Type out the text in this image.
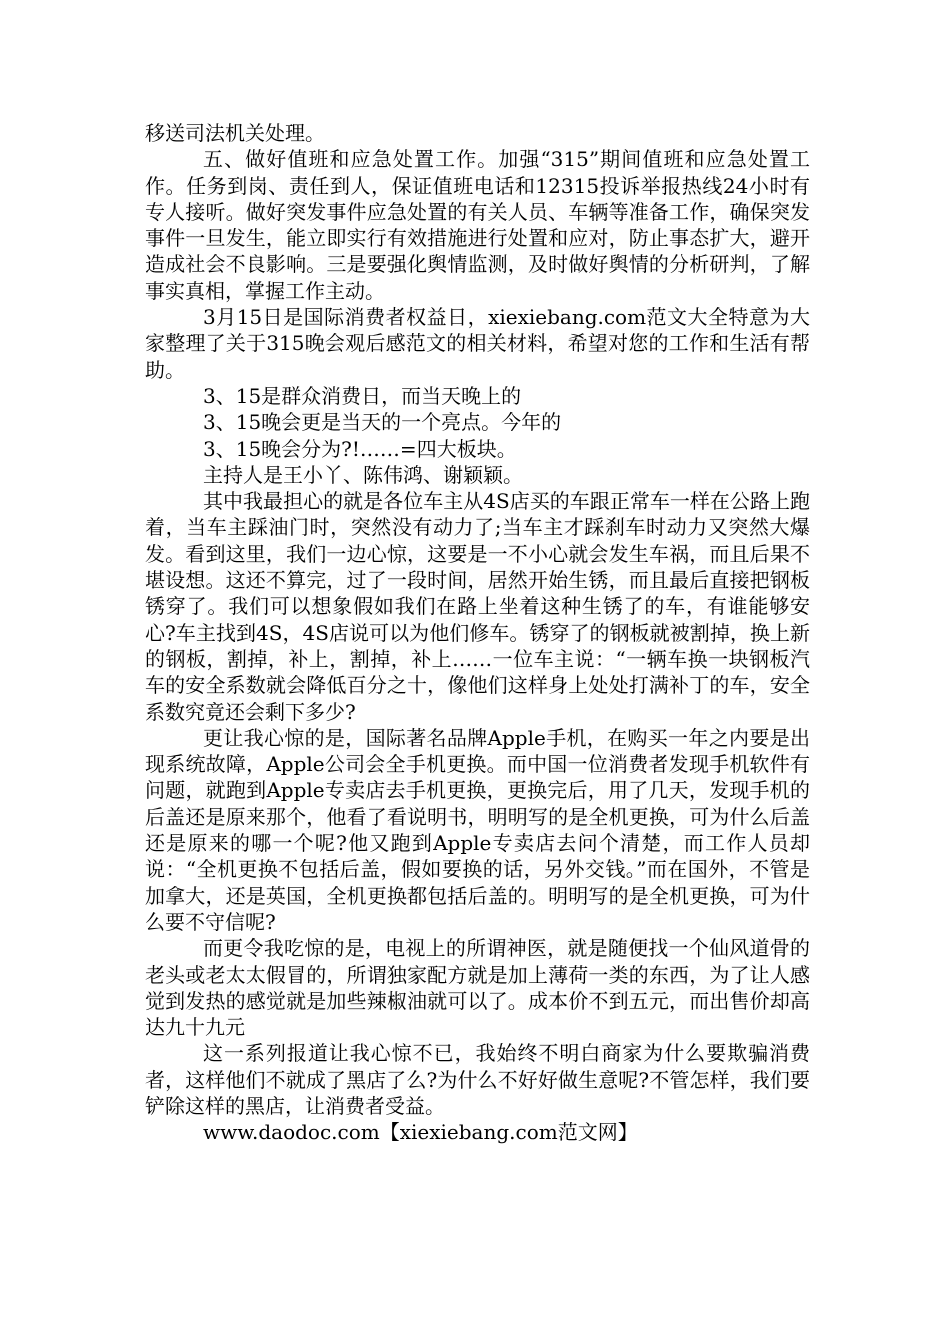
移送司法机关处理。

五、做好值班和应急处置工作。加强“315”期间值班和应急处置工作。任务到岗、责任到人，保证值班电话和12315投诉举报热线24小时有专人接听。做好突发事件应急处置的有关人员、车辆等准备工作，确保突发事件一旦发生，能立即实行有效措施进行处置和应对，防止事态扩大，避开造成社会不良影响。三是要强化舆情监测，及时做好舆情的分析研判，了解事实真相，掌握工作主动。

3月15日是国际消费者权益日，xiexiebang.com范文大全特意为大家整理了关于315晚会观后感范文的相关材料，希望对您的工作和生活有帮助。

3、15是群众消费日，而当天晚上的

3、15晚会更是当天的一个亮点。今年的

3、15晚会分为?!……=四大板块。

主持人是王小丫、陈伟鸿、谢颖颖。

其中我最担心的就是各位车主从4S店买的车跟正常车一样在公路上跑着，当车主踩油门时，突然没有动力了;当车主才踩刹车时动力又突然大爆发。看到这里，我们一边心惊，这要是一不小心就会发生车祸，而且后果不堪设想。这还不算完，过了一段时间，居然开始生锈，而且最后直接把钢板锈穿了。我们可以想象假如我们在路上坐着这种生锈了的车，有谁能够安心?车主找到4S，4S店说可以为他们修车。锈穿了的钢板就被割掉，换上新的钢板，割掉，补上，割掉，补上……一位车主说：“一辆车换一块钢板汽车的安全系数就会降低百分之十，像他们这样身上处处打满补丁的车，安全系数究竟还会剩下多少?

更让我心惊的是，国际著名品牌Apple手机，在购买一年之内要是出现系统故障，Apple公司会全手机更换。而中国一位消费者发现手机软件有问题，就跑到Apple专卖店去手机更换，更换完后，用了几天，发现手机的后盖还是原来那个，他看了看说明书，明明写的是全机更换，可为什么后盖还是原来的哪一个呢?他又跑到Apple专卖店去问个清楚，而工作人员却说：“全机更换不包括后盖，假如要换的话，另外交钱。”而在国外，不管是加拿大，还是英国，全机更换都包括后盖的。明明写的是全机更换，可为什么要不守信呢?

而更令我吃惊的是，电视上的所谓神医，就是随便找一个仙风道骨的老头或老太太假冒的，所谓独家配方就是加上薄荷一类的东西，为了让人感觉到发热的感觉就是加些辣椒油就可以了。成本价不到五元，而出售价却高达九十九元

这一系列报道让我心惊不已，我始终不明白商家为什么要欺骗消费者，这样他们不就成了黑店了么?为什么不好好做生意呢?不管怎样，我们要铲除这样的黑店，让消费者受益。

www.daodoc.com【xiexiebang.com范文网】
